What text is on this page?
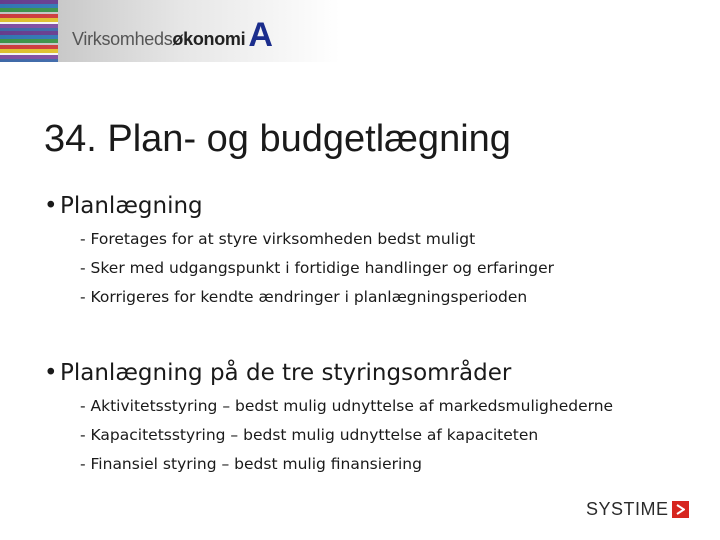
Virksomheds økonomi A
34. Plan- og budgetlægning
• Planlægning
- Foretages for at styre virksomheden bedst muligt
- Sker med udgangspunkt i fortidige handlinger og erfaringer
- Korrigeres for kendte ændringer i planlægningsperioden
• Planlægning på de tre styringsområder
- Aktivitetsstyring – bedst mulig udnyttelse af markedsmulighederne
- Kapacitetsstyring – bedst mulig udnyttelse af kapaciteten
- Finansiel styring – bedst mulig finansiering
SYSTIME
